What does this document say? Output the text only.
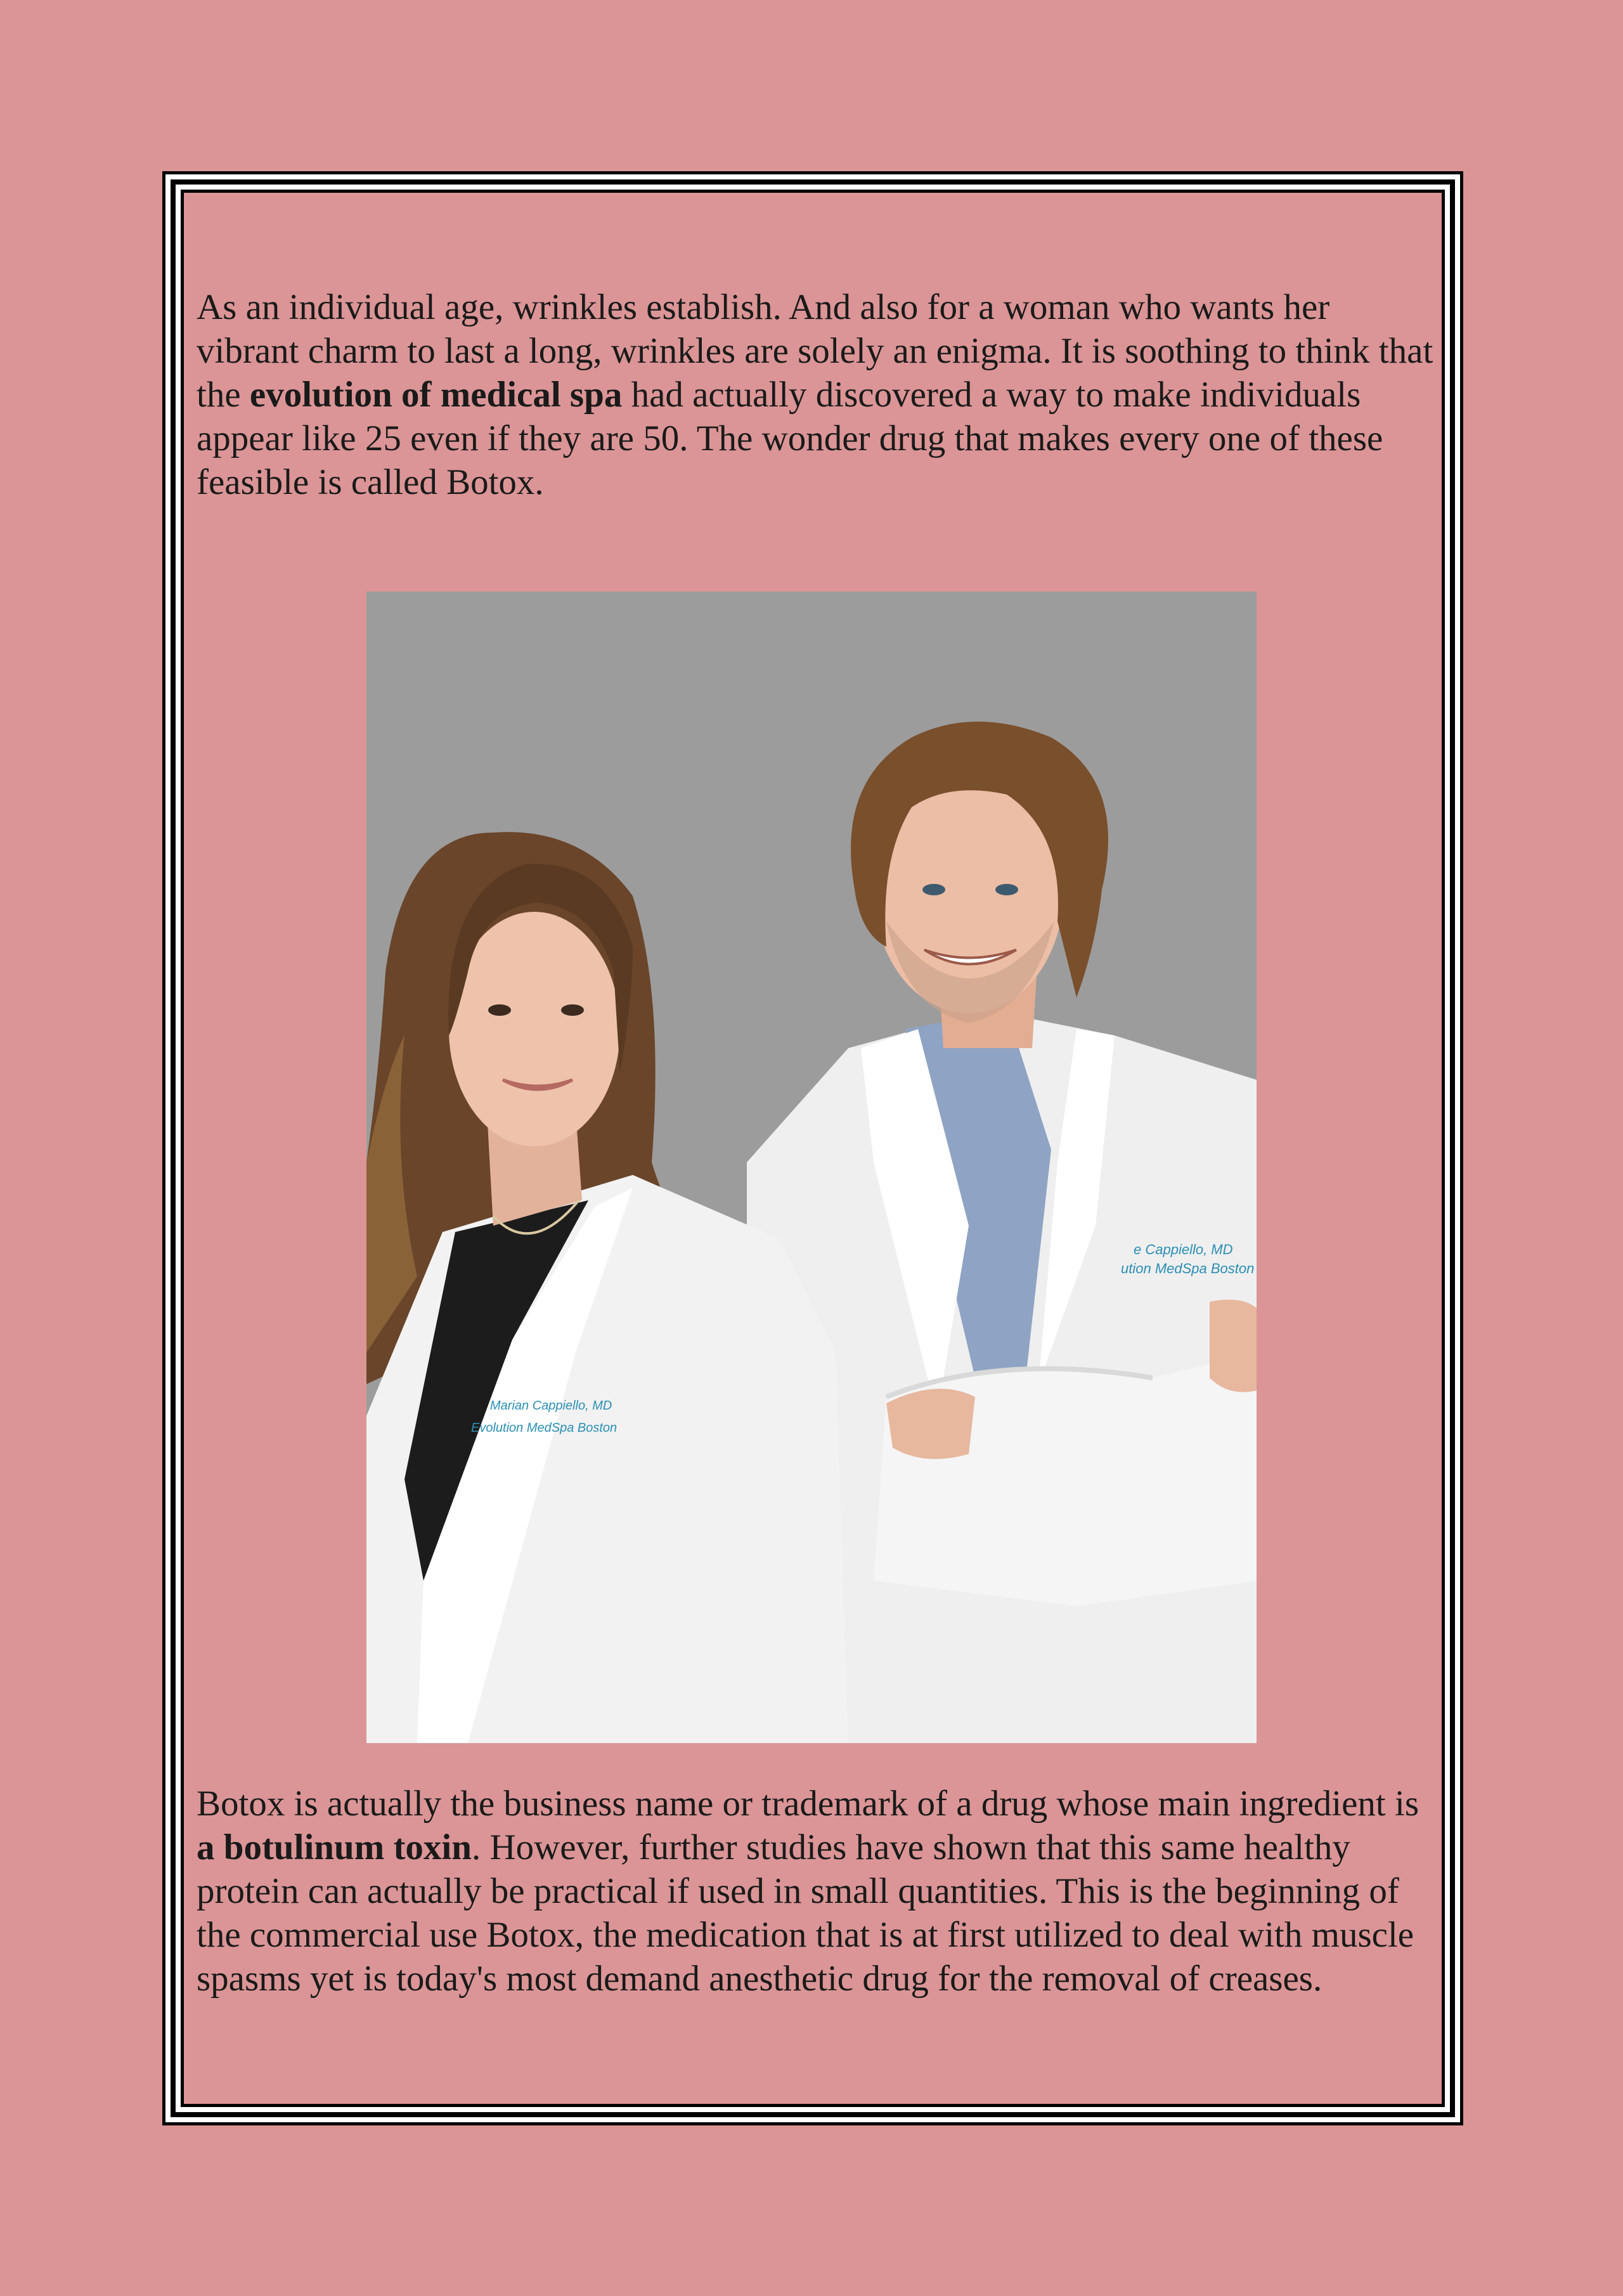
As an individual age, wrinkles establish. And also for a woman who wants her vibrant charm to last a long, wrinkles are solely an enigma. It is soothing to think that the evolution of medical spa had actually discovered a way to make individuals appear like 25 even if they are 50. The wonder drug that makes every one of these feasible is called Botox.

e Cappiello, MD
ution MedSpa Boston
Marian Cappiello, MD
Evolution MedSpa Boston

Botox is actually the business name or trademark of a drug whose main ingredient is a botulinum toxin. However, further studies have shown that this same healthy protein can actually be practical if used in small quantities. This is the beginning of the commercial use Botox, the medication that is at first utilized to deal with muscle spasms yet is today's most demand anesthetic drug for the removal of creases.
